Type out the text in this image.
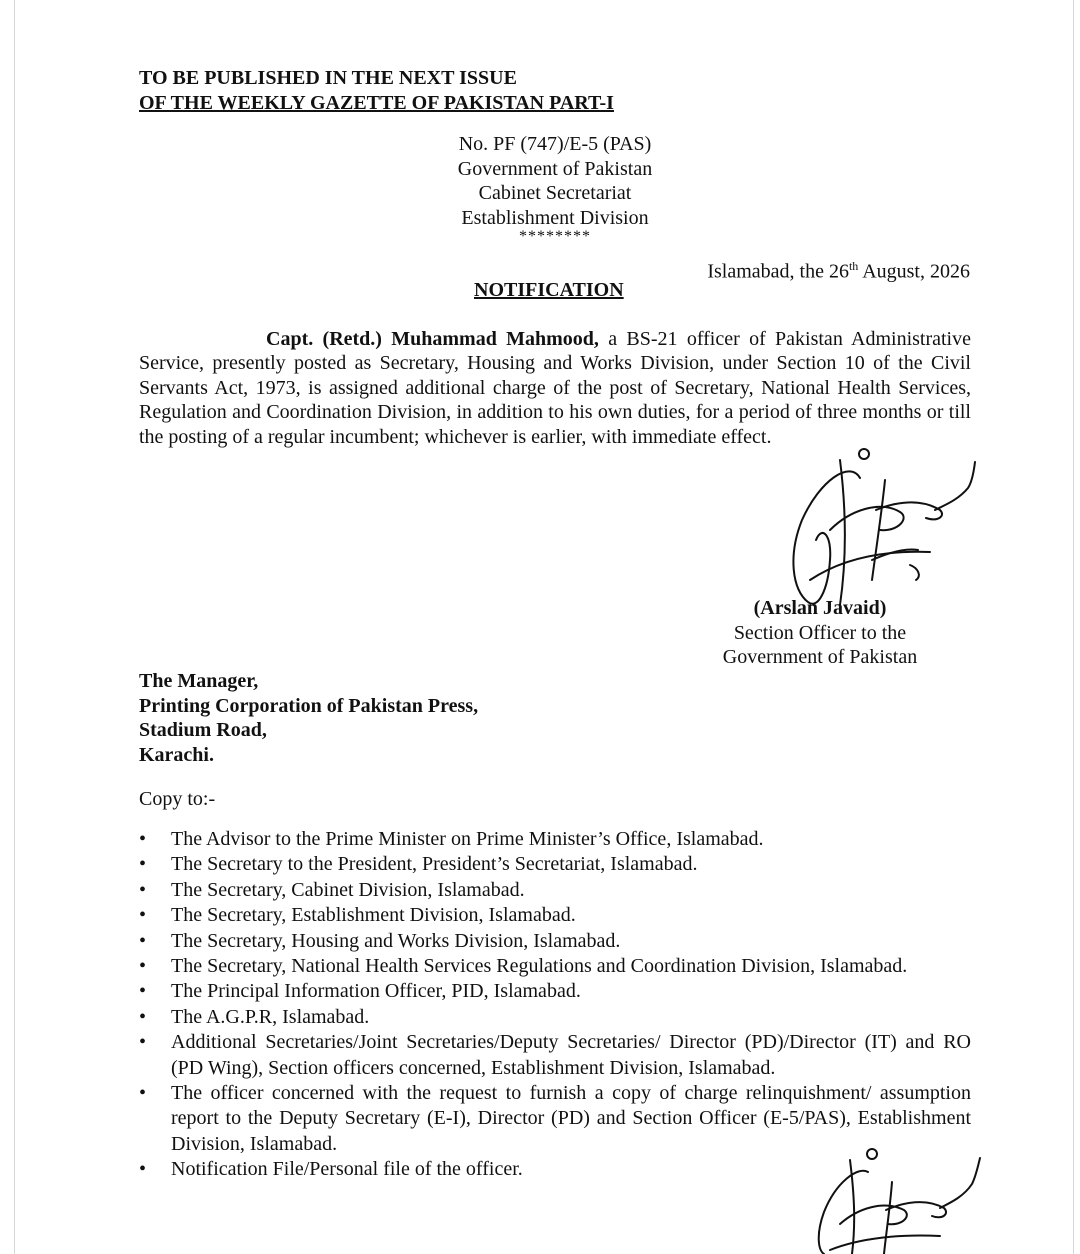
TO BE PUBLISHED IN THE NEXT ISSUE
OF THE WEEKLY GAZETTE OF PAKISTAN PART-I
No. PF (747)/E-5 (PAS)
Government of Pakistan
Cabinet Secretariat
Establishment Division
********
Islamabad, the 26th August, 2026
NOTIFICATION
Capt. (Retd.) Muhammad Mahmood, a BS-21 officer of Pakistan Administrative Service, presently posted as Secretary, Housing and Works Division, under Section 10 of the Civil Servants Act, 1973, is assigned additional charge of the post of Secretary, National Health Services, Regulation and Coordination Division, in addition to his own duties, for a period of three months or till the posting of a regular incumbent; whichever is earlier, with immediate effect.
(Arslan Javaid)
Section Officer to the
Government of Pakistan
The Manager,
Printing Corporation of Pakistan Press,
Stadium Road,
Karachi.
Copy to:-
• The Advisor to the Prime Minister on Prime Minister’s Office, Islamabad.
• The Secretary to the President, President’s Secretariat, Islamabad.
• The Secretary, Cabinet Division, Islamabad.
• The Secretary, Establishment Division, Islamabad.
• The Secretary, Housing and Works Division, Islamabad.
• The Secretary, National Health Services Regulations and Coordination Division, Islamabad.
• The Principal Information Officer, PID, Islamabad.
• The A.G.P.R, Islamabad.
• Additional Secretaries/Joint Secretaries/Deputy Secretaries/ Director (PD)/Director (IT) and RO (PD Wing), Section officers concerned, Establishment Division, Islamabad.
• The officer concerned with the request to furnish a copy of charge relinquishment/ assumption report to the Deputy Secretary (E-I), Director (PD) and Section Officer (E-5/PAS), Establishment Division, Islamabad.
• Notification File/Personal file of the officer.
